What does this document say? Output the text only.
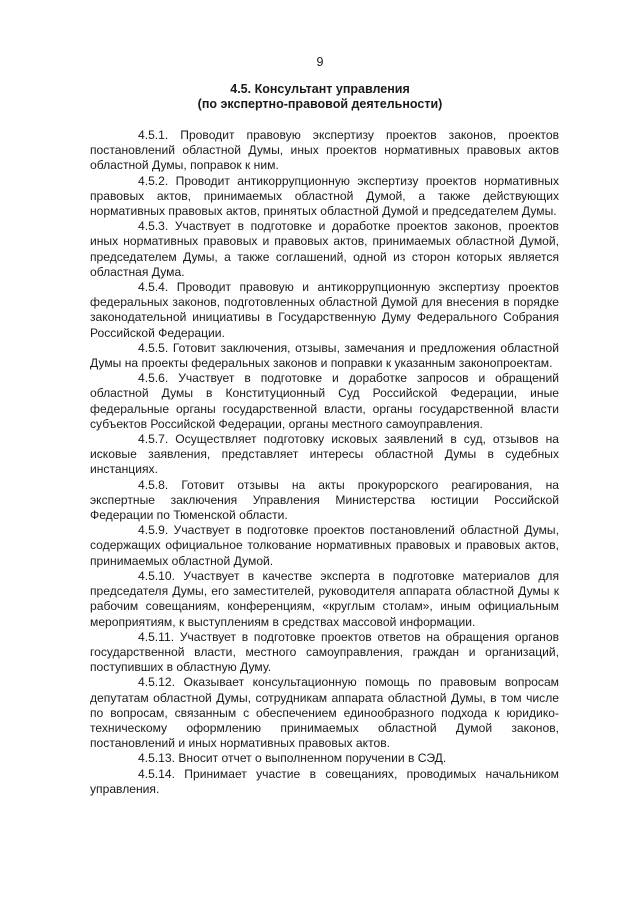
9
4.5. Консультант управления
(по экспертно-правовой деятельности)

4.5.1. Проводит правовую экспертизу проектов законов, проектов постановлений областной Думы, иных проектов нормативных правовых актов областной Думы, поправок к ним.

4.5.2. Проводит антикоррупционную экспертизу проектов нормативных правовых актов, принимаемых областной Думой, а также действующих нормативных правовых актов, принятых областной Думой и председателем Думы.

4.5.3. Участвует в подготовке и доработке проектов законов, проектов иных нормативных правовых и правовых актов, принимаемых областной Думой, председателем Думы, а также соглашений, одной из сторон которых является областная Дума.

4.5.4. Проводит правовую и антикоррупционную экспертизу проектов федеральных законов, подготовленных областной Думой для внесения в порядке законодательной инициативы в Государственную Думу Федерального Собрания Российской Федерации.

4.5.5. Готовит заключения, отзывы, замечания и предложения областной Думы на проекты федеральных законов и поправки к указанным законопроектам.

4.5.6. Участвует в подготовке и доработке запросов и обращений областной Думы в Конституционный Суд Российской Федерации, иные федеральные органы государственной власти, органы государственной власти субъектов Российской Федерации, органы местного самоуправления.

4.5.7. Осуществляет подготовку исковых заявлений в суд, отзывов на исковые заявления, представляет интересы областной Думы в судебных инстанциях.

4.5.8. Готовит отзывы на акты прокурорского реагирования, на экспертные заключения Управления Министерства юстиции Российской Федерации по Тюменской области.

4.5.9. Участвует в подготовке проектов постановлений областной Думы, содержащих официальное толкование нормативных правовых и правовых актов, принимаемых областной Думой.

4.5.10. Участвует в качестве эксперта в подготовке материалов для председателя Думы, его заместителей, руководителя аппарата областной Думы к рабочим совещаниям, конференциям, «круглым столам», иным официальным мероприятиям, к выступлениям в средствах массовой информации.

4.5.11. Участвует в подготовке проектов ответов на обращения органов государственной власти, местного самоуправления, граждан и организаций, поступивших в областную Думу.

4.5.12. Оказывает консультационную помощь по правовым вопросам депутатам областной Думы, сотрудникам аппарата областной Думы, в том числе по вопросам, связанным с обеспечением единообразного подхода к юридико-техническому оформлению принимаемых областной Думой законов, постановлений и иных нормативных правовых актов.

4.5.13. Вносит отчет о выполненном поручении в СЭД.

4.5.14. Принимает участие в совещаниях, проводимых начальником управления.
